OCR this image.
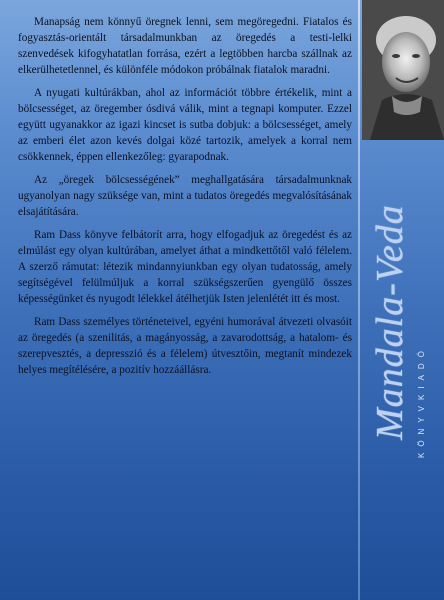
Manapság nem könnyű öregnek lenni, sem megöregedni. Fiatalos és fogyasztás-orientált társadalmunkban az öregedés a testi-lelki szenvedések kifogyhatatlan forrása, ezért a legtöbben harcba szállnak az elkerülhetetlennel, és különféle módokon próbálnak fiatalok maradni.

A nyugati kultúrákban, ahol az információt többre értékelik, mint a bölcsességet, az öregember ósdivá válik, mint a tegnapi komputer. Ezzel együtt ugyanakkor az igazi kincset is sutba dobjuk: a bölcsességet, amely az emberi élet azon kevés dolgai közé tartozik, amelyek a korral nem csökkennek, éppen ellenkezőleg: gyarapodnak.

Az „öregek bölcsességének” meghallgatására társadalmunknak ugyanolyan nagy szüksége van, mint a tudatos öregedés megvalósításának elsajátítására.

Ram Dass könyve felbátorít arra, hogy elfogadjuk az öregedést és az elmúlást egy olyan kultúrában, amelyet áthat a mindkettőtől való félelem. A szerző rámutat: létezik mindannyiunkban egy olyan tudatosság, amely segítségével felülmúljuk a korral szükségszerűen gyengülő összes képességünket és nyugodt lélekkel átélhetjük Isten jelenlétét itt és most.

Ram Dass személyes történeteivel, egyéni humorával átvezeti olvasóit az öregedés (a szenilitás, a magányosság, a zavarodottság, a hatalom- és szerepvesztés, a depresszió és a félelem) útvesztőin, megtanít mindezek helyes megítélésére, a pozitív hozzáállásra.	Mandala-Veda KÖNYVKIADÓ
